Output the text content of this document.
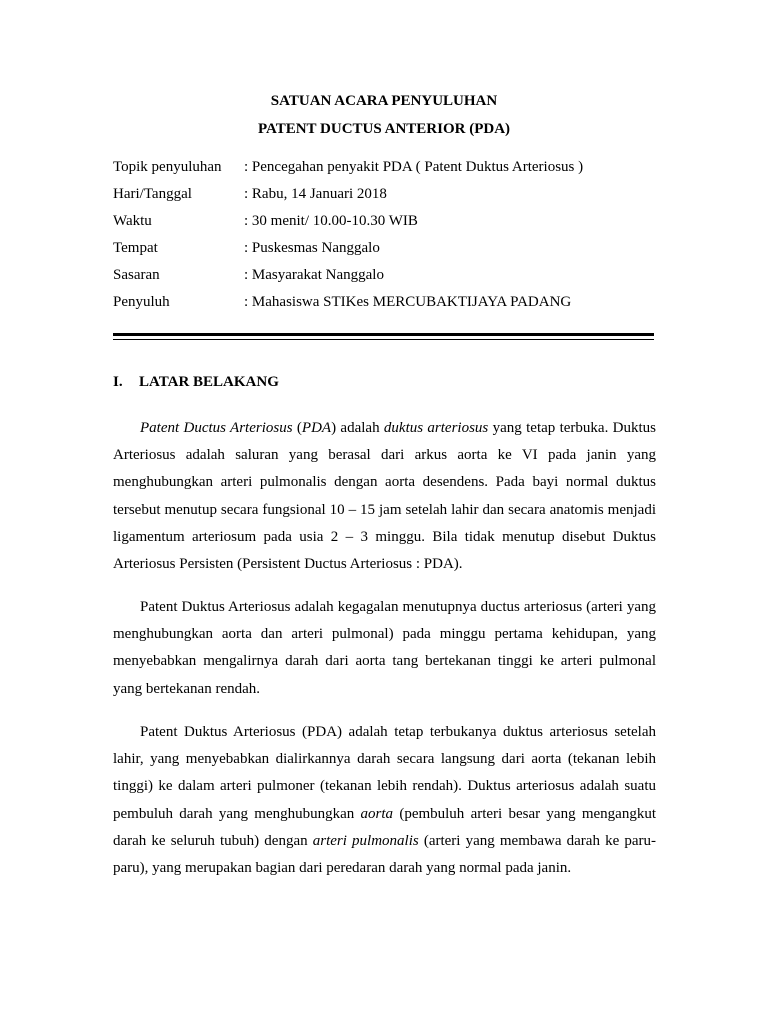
SATUAN ACARA PENYULUHAN
PATENT DUCTUS ANTERIOR (PDA)
Topik penyuluhan : Pencegahan penyakit PDA ( Patent Duktus Arteriosus )
Hari/Tanggal	: Rabu, 14 Januari 2018
Waktu	: 30 menit/ 10.00-10.30 WIB
Tempat	: Puskesmas Nanggalo
Sasaran	: Masyarakat Nanggalo
Penyuluh	: Mahasiswa STIKes MERCUBAKTIJAYA PADANG
I. LATAR BELAKANG
Patent Ductus Arteriosus (PDA) adalah duktus arteriosus yang tetap terbuka. Duktus Arteriosus adalah saluran yang berasal dari arkus aorta ke VI pada janin yang menghubungkan arteri pulmonalis dengan aorta desendens. Pada bayi normal duktus tersebut menutup secara fungsional 10 – 15 jam setelah lahir dan secara anatomis menjadi ligamentum arteriosum pada usia 2 – 3 minggu. Bila tidak menutup disebut Duktus Arteriosus Persisten (Persistent Ductus Arteriosus : PDA).
Patent Duktus Arteriosus adalah kegagalan menutupnya ductus arteriosus (arteri yang menghubungkan aorta dan arteri pulmonal) pada minggu pertama kehidupan, yang menyebabkan mengalirnya darah dari aorta tang bertekanan tinggi ke arteri pulmonal yang bertekanan rendah.
Patent Duktus Arteriosus (PDA) adalah tetap terbukanya duktus arteriosus setelah lahir, yang menyebabkan dialirkannya darah secara langsung dari aorta (tekanan lebih tinggi) ke dalam arteri pulmoner (tekanan lebih rendah). Duktus arteriosus adalah suatu pembuluh darah yang menghubungkan aorta (pembuluh arteri besar yang mengangkut darah ke seluruh tubuh) dengan arteri pulmonalis (arteri yang membawa darah ke paru-paru), yang merupakan bagian dari peredaran darah yang normal pada janin.
